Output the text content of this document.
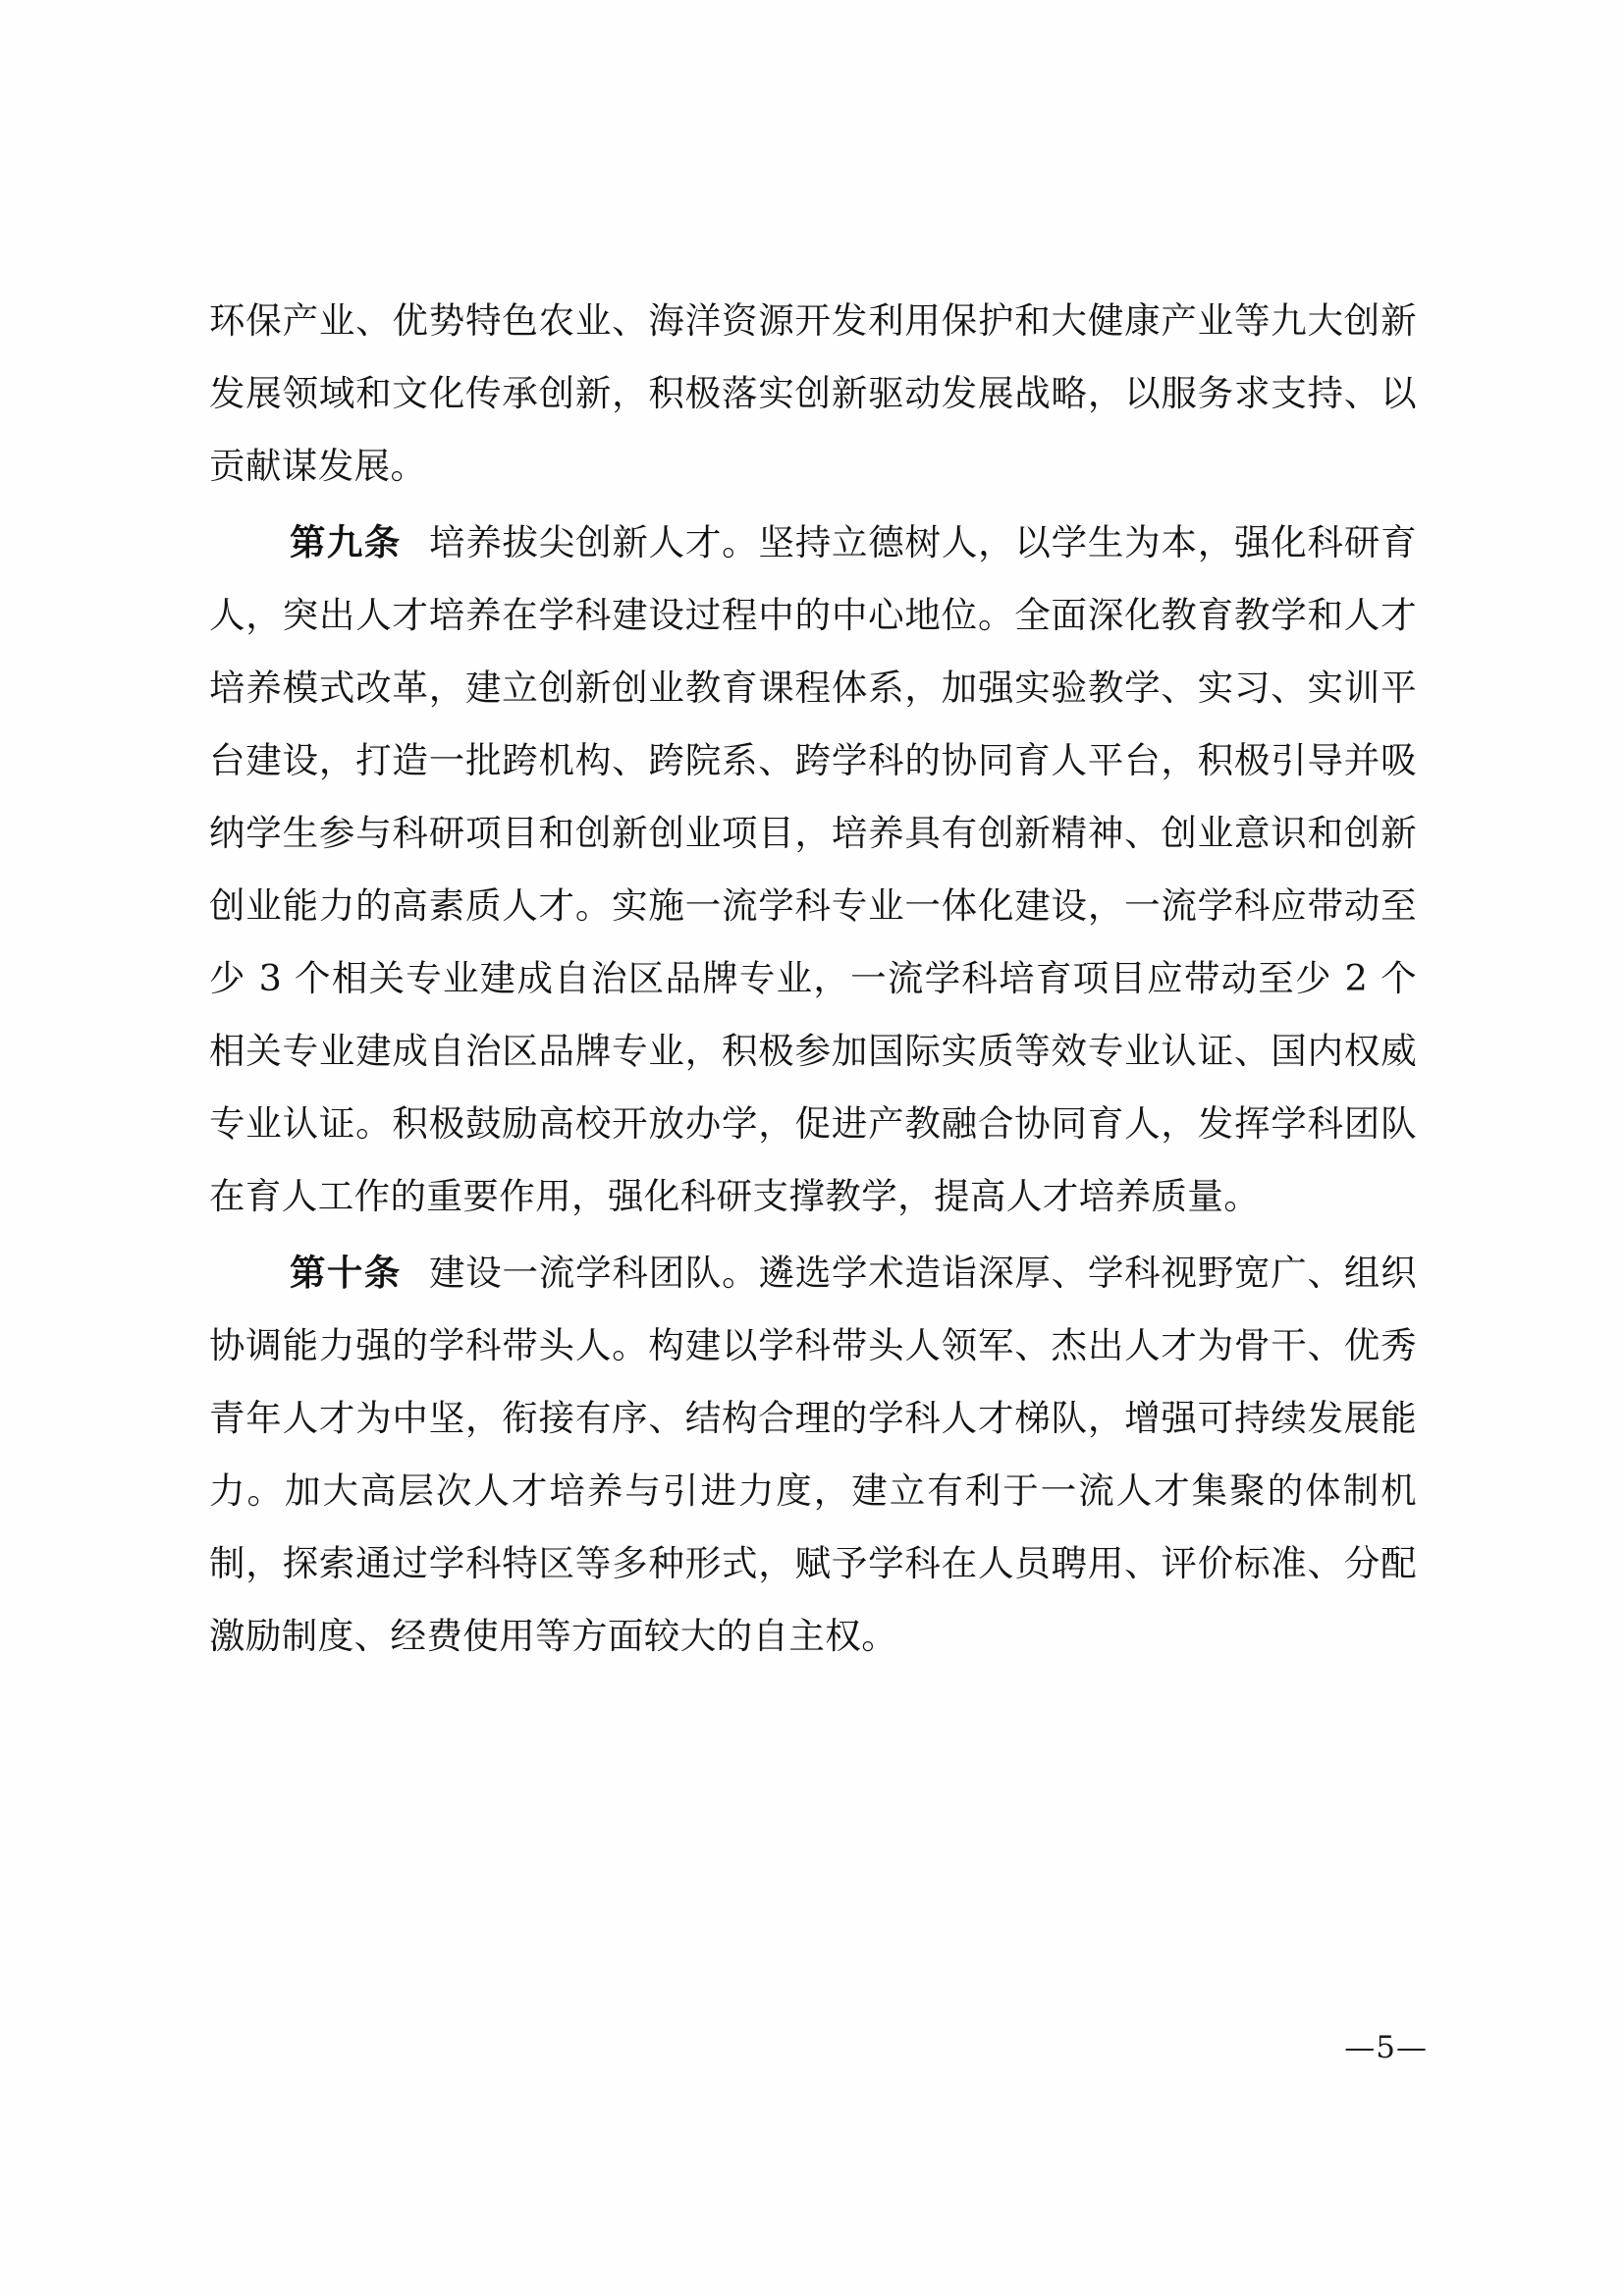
环保产业、优势特色农业、海洋资源开发利用保护和大健康产业等九大创新发展领域和文化传承创新，积极落实创新驱动发展战略，以服务求支持、以贡献谋发展。

第九条 培养拔尖创新人才。坚持立德树人，以学生为本，强化科研育人，突出人才培养在学科建设过程中的中心地位。全面深化教育教学和人才培养模式改革，建立创新创业教育课程体系，加强实验教学、实习、实训平台建设，打造一批跨机构、跨院系、跨学科的协同育人平台，积极引导并吸纳学生参与科研项目和创新创业项目，培养具有创新精神、创业意识和创新创业能力的高素质人才。实施一流学科专业一体化建设，一流学科应带动至少 3 个相关专业建成自治区品牌专业，一流学科培育项目应带动至少 2 个相关专业建成自治区品牌专业，积极参加国际实质等效专业认证、国内权威专业认证。积极鼓励高校开放办学，促进产教融合协同育人，发挥学科团队在育人工作的重要作用，强化科研支撑教学，提高人才培养质量。

第十条 建设一流学科团队。遴选学术造诣深厚、学科视野宽广、组织协调能力强的学科带头人。构建以学科带头人领军、杰出人才为骨干、优秀青年人才为中坚，衔接有序、结构合理的学科人才梯队，增强可持续发展能力。加大高层次人才培养与引进力度，建立有利于一流人才集聚的体制机制，探索通过学科特区等多种形式，赋予学科在人员聘用、评价标准、分配激励制度、经费使用等方面较大的自主权。

—5—
